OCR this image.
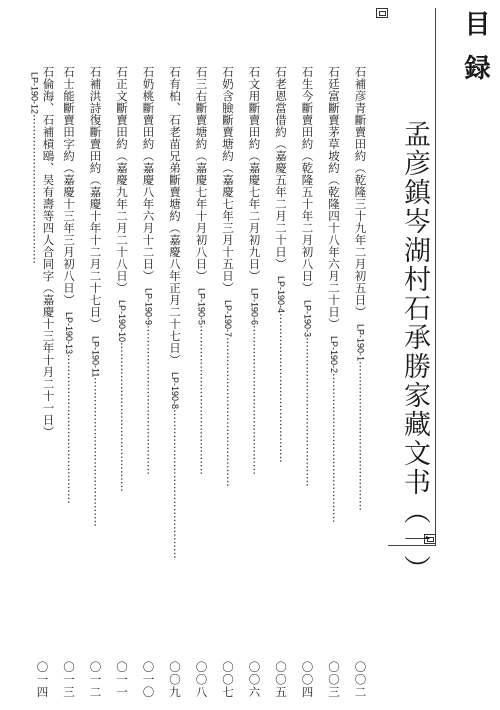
目録
孟彦鎮岑湖村石承勝家藏文书（一）
石補彦青斷賣田約（乾隆三十九年二月初五日）LP-190-1·········································
〇〇二
石廷富斷賣茅草坡約（乾隆四十八年六月二十日）LP-190-2·········································
〇〇三
石生今斷賣田約（乾隆五十年二月初八日）LP-190-3·········································
〇〇四
石老恩當借約（嘉慶五年二月二十日）LP-190-4·········································
〇〇五
石文用斷賣田約（嘉慶七年二月初九日）LP-190-6·········································
〇〇六
石奶含臉斷賣塘約（嘉慶七年三月十五日）LP-190-7·········································
〇〇七
石三右斷賣塘約（嘉慶七年十月初八日）LP-190-5·········································
〇〇八
石有柏、石老苗兄弟斷賣塘約（嘉慶八年正月二十七日）LP-190-8·········································
〇〇九
石奶桃斷賣田約（嘉慶八年六月十二日）LP-190-9·········································
〇一〇
石正文斷賣田約（嘉慶九年二月二十八日）LP-190-10·········································
〇一一
石補洪詩復斷賣田約（嘉慶十年十二月二十七日）LP-190-11·········································
〇一二
石士能斷賣田字約（嘉慶十三年三月初八日）LP-190-13·········································
〇一三
石倫海、石補槓鴎、吴有壽等四人合同字（嘉慶十三年十月二十一日）LP-190-12·········································
〇一四
